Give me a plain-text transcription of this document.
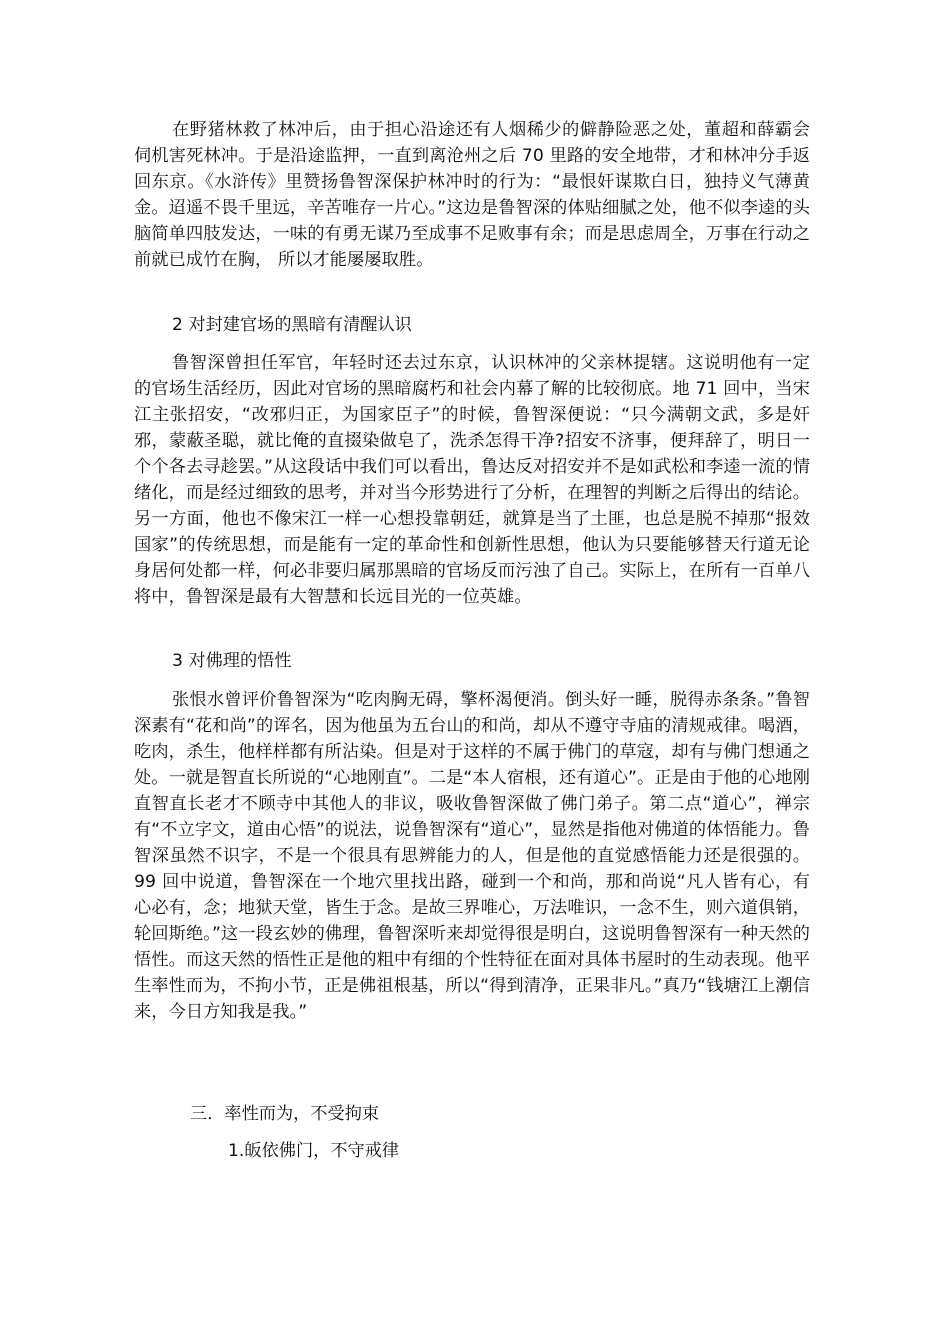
在野猪林救了林冲后，由于担心沿途还有人烟稀少的僻静险恶之处，董超和薛霸会伺机害死林冲。于是沿途监押，一直到离沧州之后 70 里路的安全地带，才和林冲分手返回东京。《水浒传》里赞扬鲁智深保护林冲时的行为：“最恨奸谋欺白日，独持义气薄黄金。迢遥不畏千里远，辛苦唯存一片心。”这边是鲁智深的体贴细腻之处，他不似李逵的头脑简单四肢发达，一味的有勇无谋乃至成事不足败事有余；而是思虑周全，万事在行动之前就已成竹在胸， 所以才能屡屡取胜。

2 对封建官场的黑暗有清醒认识

鲁智深曾担任军官，年轻时还去过东京，认识林冲的父亲林提辖。这说明他有一定的官场生活经历，因此对官场的黑暗腐朽和社会内幕了解的比较彻底。地 71 回中，当宋江主张招安，“改邪归正，为国家臣子”的时候，鲁智深便说：“只今满朝文武，多是奸邪，蒙蔽圣聪，就比俺的直掇染做皂了，洗杀怎得干净?招安不济事，便拜辞了，明日一个个各去寻趁罢。”从这段话中我们可以看出，鲁达反对招安并不是如武松和李逵一流的情绪化，而是经过细致的思考，并对当今形势进行了分析，在理智的判断之后得出的结论。另一方面，他也不像宋江一样一心想投靠朝廷，就算是当了土匪，也总是脱不掉那“报效国家”的传统思想，而是能有一定的革命性和创新性思想，他认为只要能够替天行道无论身居何处都一样，何必非要归属那黑暗的官场反而污浊了自己。实际上，在所有一百单八将中，鲁智深是最有大智慧和长远目光的一位英雄。

3 对佛理的悟性

张恨水曾评价鲁智深为“吃肉胸无碍，擎杯渴便消。倒头好一睡，脱得赤条条。”鲁智深素有“花和尚”的诨名，因为他虽为五台山的和尚，却从不遵守寺庙的清规戒律。喝酒，吃肉，杀生，他样样都有所沾染。但是对于这样的不属于佛门的草寇，却有与佛门想通之处。一就是智直长所说的“心地刚直”。二是“本人宿根，还有道心”。正是由于他的心地刚直智直长老才不顾寺中其他人的非议，吸收鲁智深做了佛门弟子。第二点“道心”，禅宗有“不立字文，道由心悟”的说法，说鲁智深有“道心”，显然是指他对佛道的体悟能力。鲁智深虽然不识字，不是一个很具有思辨能力的人，但是他的直觉感悟能力还是很强的。99 回中说道，鲁智深在一个地穴里找出路，碰到一个和尚，那和尚说“凡人皆有心，有心必有，念；地狱天堂，皆生于念。是故三界唯心，万法唯识，一念不生，则六道俱销，轮回斯绝。”这一段玄妙的佛理，鲁智深听来却觉得很是明白，这说明鲁智深有一种天然的悟性。而这天然的悟性正是他的粗中有细的个性特征在面对具体书屋时的生动表现。他平生率性而为，不拘小节，正是佛祖根基，所以“得到清净，正果非凡。”真乃“钱塘江上潮信来，今日方知我是我。”

三．率性而为，不受拘束

1.皈依佛门，不守戒律
